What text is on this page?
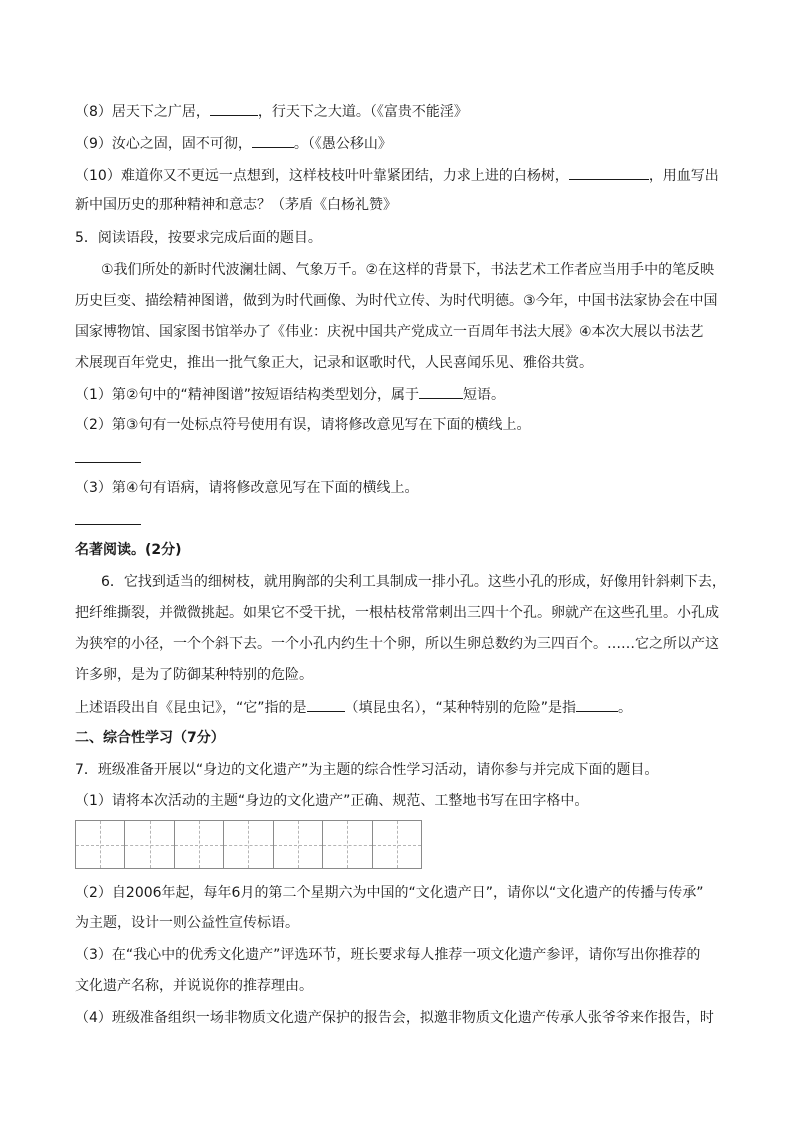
（8）居天下之广居，	，行天下之大道。（《富贵不能淫》
（9）汝心之固，固不可彻，	。（《愚公移山》
（10）难道你又不更远一点想到，这样枝枝叶叶靠紧团结，力求上进的白杨树，	，用血写出
新中国历史的那种精神和意志？（茅盾《白杨礼赞》
5．阅读语段，按要求完成后面的题目。
①我们所处的新时代波澜壮阔、气象万千。②在这样的背景下，书法艺术工作者应当用手中的笔反映
历史巨变、描绘精神图谱，做到为时代画像、为时代立传、为时代明德。③今年，中国书法家协会在中国
国家博物馆、国家图书馆举办了《伟业：庆祝中国共产党成立一百周年书法大展》④本次大展以书法艺
术展现百年党史，推出一批气象正大，记录和讴歌时代，人民喜闻乐见、雅俗共赏。
（1）第②句中的“精神图谱”按短语结构类型划分，属于	短语。
（2）第③句有一处标点符号使用有误，请将修改意见写在下面的横线上。
（3）第④句有语病，请将修改意见写在下面的横线上。
名著阅读。(2分)
6．它找到适当的细树枝，就用胸部的尖利工具制成一排小孔。这些小孔的形成，好像用针斜刺下去，
把纤维撕裂，并微微挑起。如果它不受干扰，一根枯枝常常刺出三四十个孔。卵就产在这些孔里。小孔成
为狭窄的小径，一个个斜下去。一个小孔内约生十个卵，所以生卵总数约为三四百个。……它之所以产这
许多卵，是为了防御某种特别的危险。
上述语段出自《昆虫记》，“它”指的是	（填昆虫名），“某种特别的危险”是指	。
二、综合性学习（7分）
7．班级准备开展以“身边的文化遗产”为主题的综合性学习活动，请你参与并完成下面的题目。
（1）请将本次活动的主题“身边的文化遗产”正确、规范、工整地书写在田字格中。
（2）自2006年起，每年6月的第二个星期六为中国的“文化遗产日”，请你以“文化遗产的传播与传承”
为主题，设计一则公益性宣传标语。
（3）在“我心中的优秀文化遗产”评选环节，班长要求每人推荐一项文化遗产参评，请你写出你推荐的
文化遗产名称，并说说你的推荐理由。
（4）班级准备组织一场非物质文化遗产保护的报告会，拟邀非物质文化遗产传承人张爷爷来作报告，时
